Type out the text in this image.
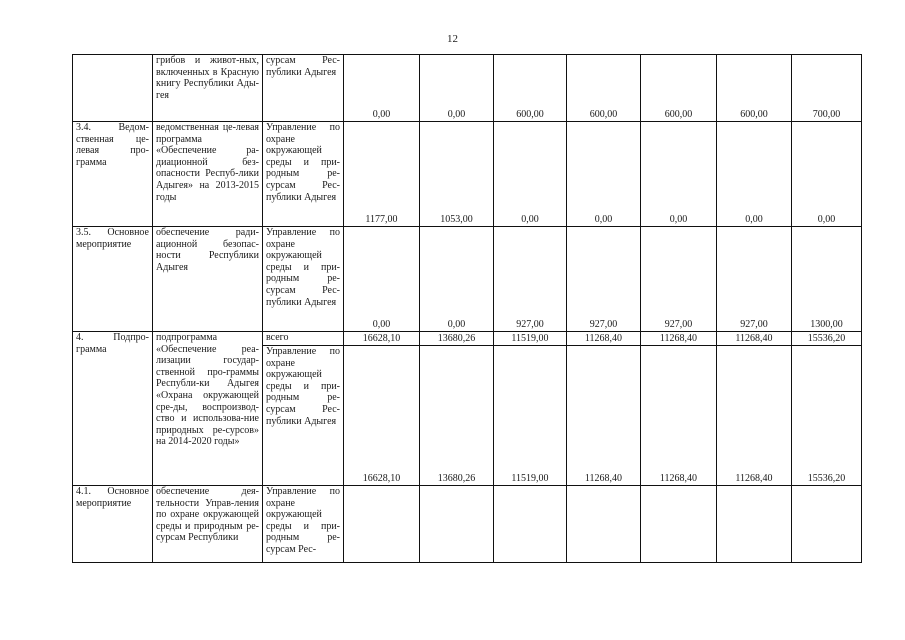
12
	грибов и живот-ных, включенных в Красную книгу Республики Ады-гея	сурсам Рес-публики Адыгея	0,00	0,00	600,00	600,00	600,00	600,00	700,00
3.4. Ведом-ственная це-левая про-грамма	ведомственная це-левая программа «Обеспечение ра-диационной без-опасности Респуб-лики Адыгея» на 2013-2015 годы	Управление по охране окружающей среды и при-родным ре-сурсам Рес-публики Адыгея	1177,00	1053,00	0,00	0,00	0,00	0,00	0,00
3.5. Основное мероприятие	обеспечение ради-ационной безопас-ности Республики Адыгея	Управление по охране окружающей среды и при-родным ре-сурсам Рес-публики Адыгея	0,00	0,00	927,00	927,00	927,00	927,00	1300,00
4. Подпро-грамма	подпрограмма «Обеспечение реа-лизации государ-ственной про-граммы Республи-ки Адыгея «Охрана окружающей сре-ды, воспроизвод-ство и использова-ние природных ре-сурсов» на 2014-2020 годы»	всего	16628,10	13680,26	11519,00	11268,40	11268,40	11268,40	15536,20
		Управление по охране окружающей среды и при-родным ре-сурсам Рес-публики Адыгея	16628,10	13680,26	11519,00	11268,40	11268,40	11268,40	15536,20
4.1. Основное мероприятие	обеспечение дея-тельности Управ-ления по охране окружающей среды и природным ре-сурсам Республики	Управление по охране окружающей среды и при-родным ре-сурсам Рес-							
